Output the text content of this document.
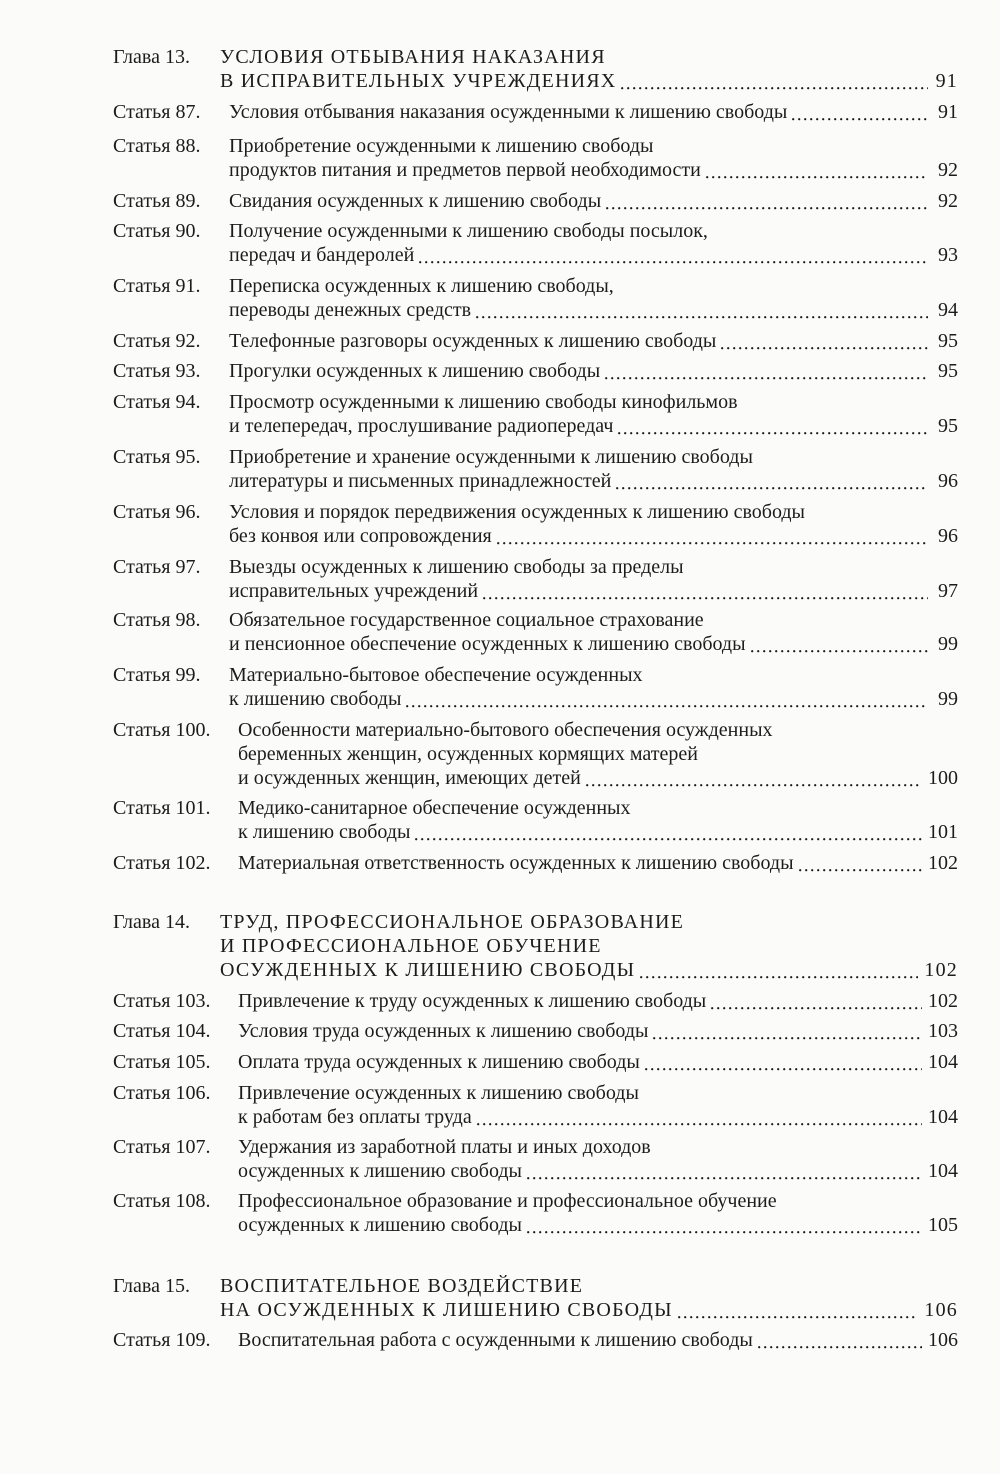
Глава 13. УСЛОВИЯ ОТБЫВАНИЯ НАКАЗАНИЯ
В ИСПРАВИТЕЛЬНЫХ УЧРЕЖДЕНИЯХ	91
Статья 87. Условия отбывания наказания осужденными к лишению свободы	91
Статья 88. Приобретение осужденными к лишению свободы
продуктов питания и предметов первой необходимости	92
Статья 89. Свидания осужденных к лишению свободы	92
Статья 90. Получение осужденными к лишению свободы посылок,
передач и бандеролей	93
Статья 91. Переписка осужденных к лишению свободы,
переводы денежных средств	94
Статья 92. Телефонные разговоры осужденных к лишению свободы	95
Статья 93. Прогулки осужденных к лишению свободы	95
Статья 94. Просмотр осужденными к лишению свободы кинофильмов
и телепередач, прослушивание радиопередач	95
Статья 95. Приобретение и хранение осужденными к лишению свободы
литературы и письменных принадлежностей	96
Статья 96. Условия и порядок передвижения осужденных к лишению свободы
без конвоя или сопровождения	96
Статья 97. Выезды осужденных к лишению свободы за пределы
исправительных учреждений	97
Статья 98. Обязательное государственное социальное страхование
и пенсионное обеспечение осужденных к лишению свободы	99
Статья 99. Материально-бытовое обеспечение осужденных
к лишению свободы	99
Статья 100. Особенности материально-бытового обеспечения осужденных
беременных женщин, осужденных кормящих матерей
и осужденных женщин, имеющих детей	100
Статья 101. Медико-санитарное обеспечение осужденных
к лишению свободы	101
Статья 102. Материальная ответственность осужденных к лишению свободы	102
Глава 14. ТРУД, ПРОФЕССИОНАЛЬНОЕ ОБРАЗОВАНИЕ
И ПРОФЕССИОНАЛЬНОЕ ОБУЧЕНИЕ
ОСУЖДЕННЫХ К ЛИШЕНИЮ СВОБОДЫ	102
Статья 103. Привлечение к труду осужденных к лишению свободы	102
Статья 104. Условия труда осужденных к лишению свободы	103
Статья 105. Оплата труда осужденных к лишению свободы	104
Статья 106. Привлечение осужденных к лишению свободы
к работам без оплаты труда	104
Статья 107. Удержания из заработной платы и иных доходов
осужденных к лишению свободы	104
Статья 108. Профессиональное образование и профессиональное обучение
осужденных к лишению свободы	105
Глава 15. ВОСПИТАТЕЛЬНОЕ ВОЗДЕЙСТВИЕ
НА ОСУЖДЕННЫХ К ЛИШЕНИЮ СВОБОДЫ	106
Статья 109. Воспитательная работа с осужденными к лишению свободы	106
